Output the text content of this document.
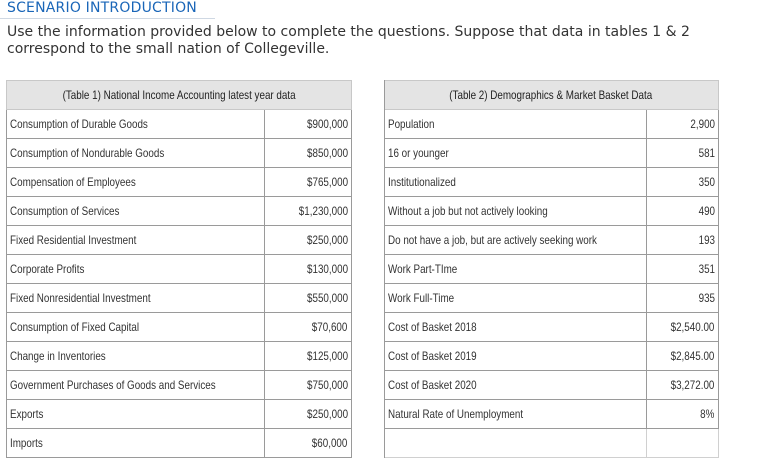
SCENARIO INTRODUCTION
Use the information provided below to complete the questions. Suppose that data in tables 1 & 2 correspond to the small nation of Collegeville.
(Table 1) National Income Accounting latest year data			(Table 2) Demographics & Market Basket Data	
Consumption of Durable Goods	$900,000		Population	2,900
Consumption of Nondurable Goods	$850,000		16 or younger	581
Compensation of Employees	$765,000		Institutionalized	350
Consumption of Services	$1,230,000		Without a job but not actively looking	490
Fixed Residential Investment	$250,000		Do not have a job, but are actively seeking work	193
Corporate Profits	$130,000		Work Part-TIme	351
Fixed Nonresidential Investment	$550,000		Work Full-Time	935
Consumption of Fixed Capital	$70,600		Cost of Basket 2018	$2,540.00
Change in Inventories	$125,000		Cost of Basket 2019	$2,845.00
Government Purchases of Goods and Services	$750,000		Cost of Basket 2020	$3,272.00
Exports	$250,000		Natural Rate of Unemployment	8%
Imports	$60,000			
